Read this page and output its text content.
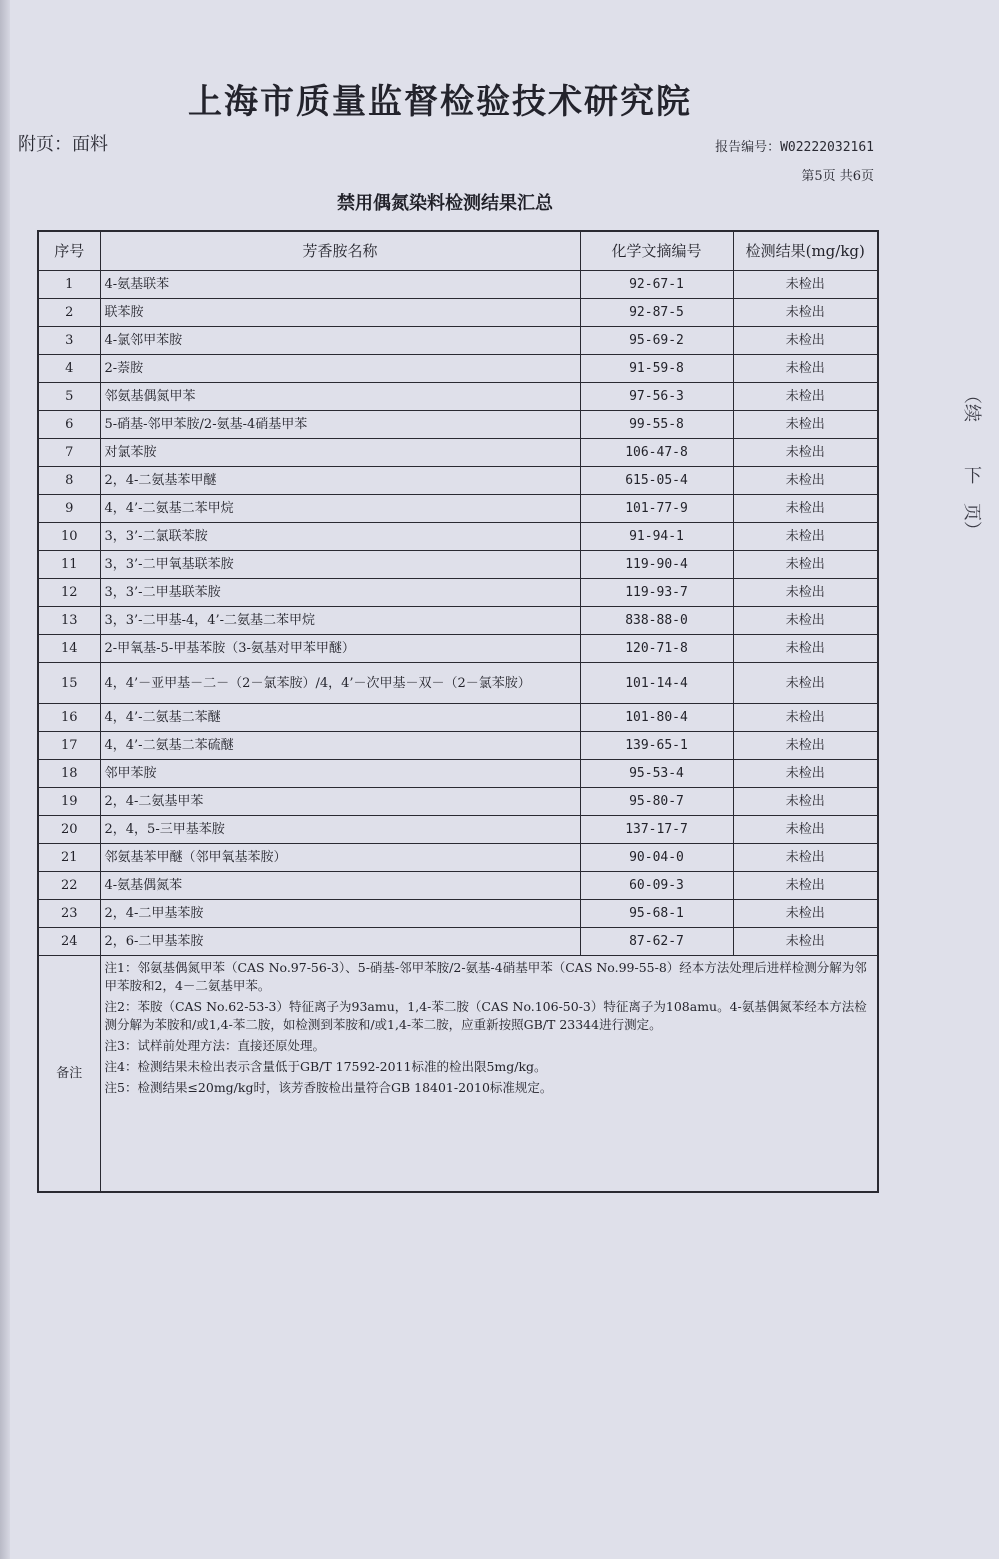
上海市质量监督检验技术研究院
附页：面料	报告编号：W02222032161
第5页 共6页
禁用偶氮染料检测结果汇总
序号	芳香胺名称	化学文摘编号	检测结果(mg/kg)
1	4-氨基联苯	92-67-1	未检出
2	联苯胺	92-87-5	未检出
3	4-氯邻甲苯胺	95-69-2	未检出
4	2-萘胺	91-59-8	未检出
5	邻氨基偶氮甲苯	97-56-3	未检出
6	5-硝基-邻甲苯胺/2-氨基-4硝基甲苯	99-55-8	未检出
7	对氯苯胺	106-47-8	未检出
8	2，4-二氨基苯甲醚	615-05-4	未检出
9	4，4’-二氨基二苯甲烷	101-77-9	未检出
10	3，3’-二氯联苯胺	91-94-1	未检出
11	3，3’-二甲氧基联苯胺	119-90-4	未检出
12	3，3’-二甲基联苯胺	119-93-7	未检出
13	3，3’-二甲基-4，4’-二氨基二苯甲烷	838-88-0	未检出
14	2-甲氧基-5-甲基苯胺（3-氨基对甲苯甲醚）	120-71-8	未检出
15	4，4’－亚甲基－二－（2－氯苯胺）/4，4’－次甲基－双－（2－氯苯胺）	101-14-4	未检出
16	4，4’-二氨基二苯醚	101-80-4	未检出
17	4，4’-二氨基二苯硫醚	139-65-1	未检出
18	邻甲苯胺	95-53-4	未检出
19	2，4-二氨基甲苯	95-80-7	未检出
20	2，4，5-三甲基苯胺	137-17-7	未检出
21	邻氨基苯甲醚（邻甲氧基苯胺）	90-04-0	未检出
22	4-氨基偶氮苯	60-09-3	未检出
23	2，4-二甲基苯胺	95-68-1	未检出
24	2，6-二甲基苯胺	87-62-7	未检出
备注	注1：邻氨基偶氮甲苯（CAS No.97-56-3）、5-硝基-邻甲苯胺/2-氨基-4硝基甲苯（CAS No.99-55-8）经本方法处理后进样检测分解为邻甲苯胺和2，4－二氨基甲苯。
注2：苯胺（CAS No.62-53-3）特征离子为93amu，1,4-苯二胺（CAS No.106-50-3）特征离子为108amu。4-氨基偶氮苯经本方法检测分解为苯胺和/或1,4-苯二胺，如检测到苯胺和/或1,4-苯二胺，应重新按照GB/T 23344进行测定。
注3：试样前处理方法：直接还原处理。
注4：检测结果未检出表示含量低于GB/T 17592-2011标准的检出限5mg/kg。
注5：检测结果≤20mg/kg时，该芳香胺检出量符合GB 18401-2010标准规定。		
（续
下
页）
